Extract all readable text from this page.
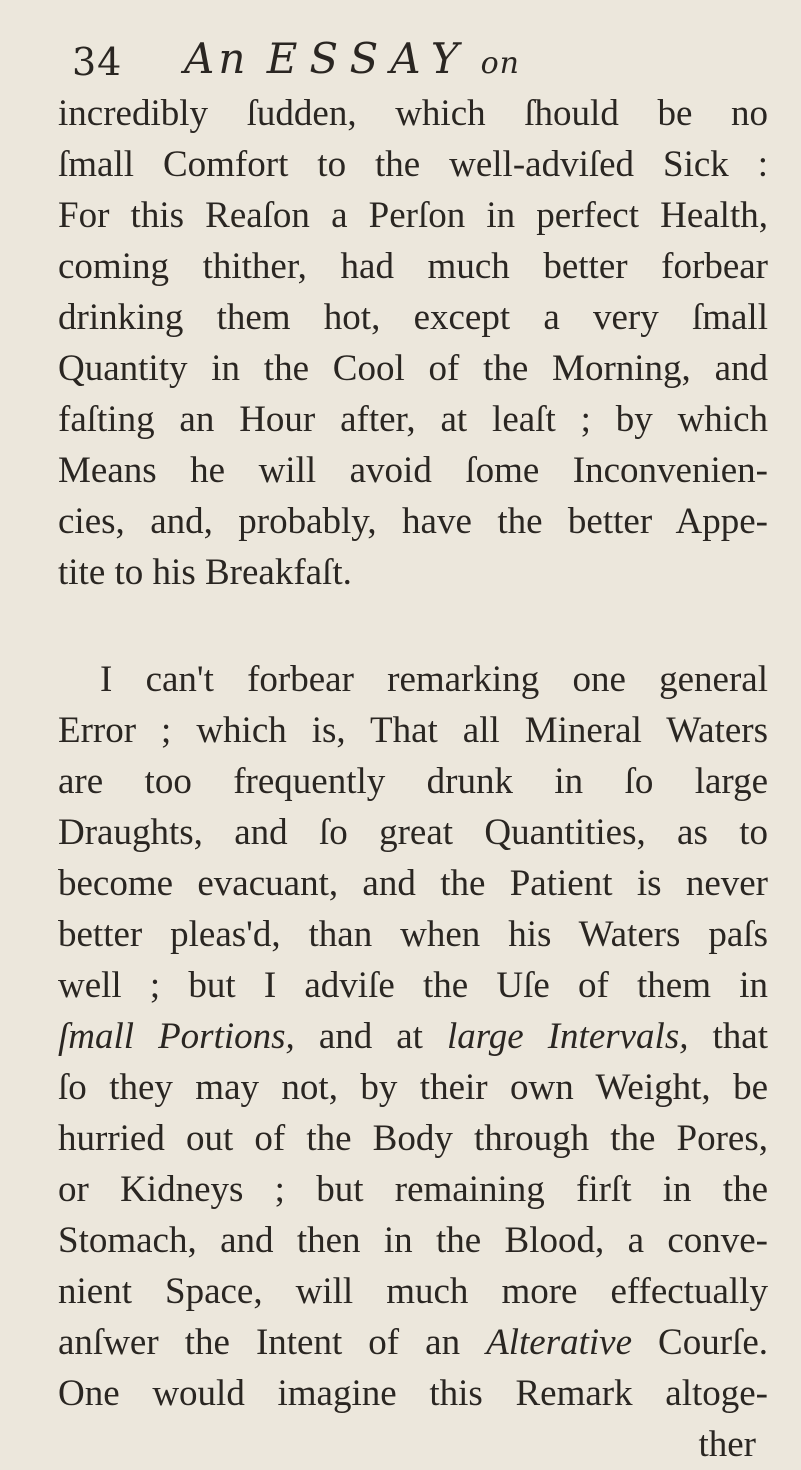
34 An ESSAY on
incredibly ſudden, which ſhould be no
ſmall Comfort to the well-adviſed Sick :
For this Reaſon a Perſon in perfect Health,
coming thither, had much better forbear
drinking them hot, except a very ſmall
Quantity in the Cool of the Morning, and
faſting an Hour after, at leaſt ; by which
Means he will avoid ſome Inconvenien-
cies, and, probably, have the better Appe-
tite to his Breakfaſt.
I can't forbear remarking one general
Error ; which is, That all Mineral Waters
are too frequently drunk in ſo large
Draughts, and ſo great Quantities, as to
become evacuant, and the Patient is never
better pleas'd, than when his Waters paſs
well ; but I adviſe the Uſe of them in
ſmall Portions, and at large Intervals, that
ſo they may not, by their own Weight, be
hurried out of the Body through the Pores,
or Kidneys ; but remaining firſt in the
Stomach, and then in the Blood, a conve-
nient Space, will much more effectually
anſwer the Intent of an Alterative Courſe.
One would imagine this Remark altoge-
ther
